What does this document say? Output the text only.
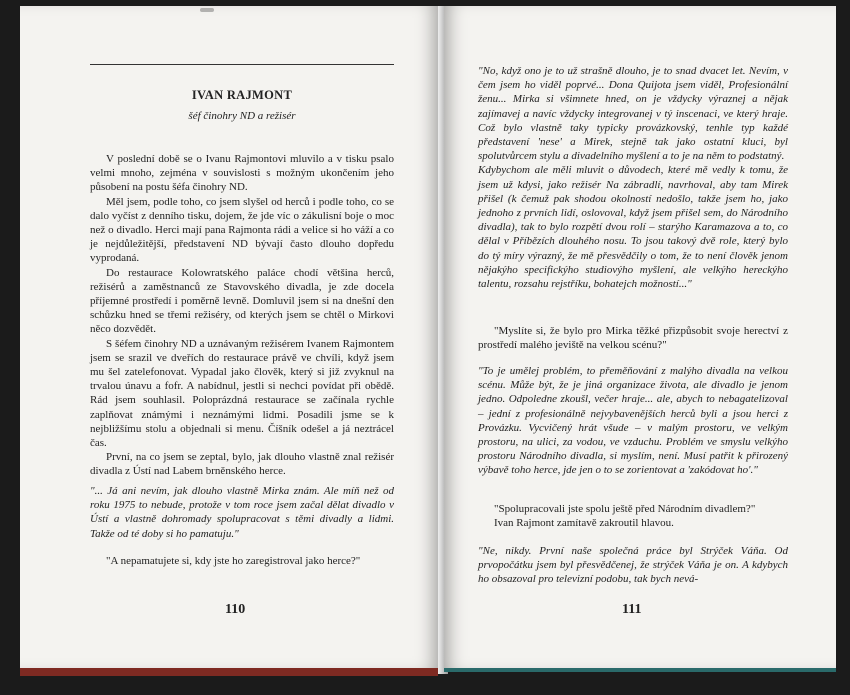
IVAN RAJMONT
šéf činohry ND a režisér

V poslední době se o Ivanu Rajmontovi mluvilo a v tisku psalo velmi mnoho, zejména v souvislosti s možným ukončením jeho působení na postu šéfa činohry ND.

Měl jsem, podle toho, co jsem slyšel od herců i podle toho, co se dalo vyčíst z denního tisku, dojem, že jde víc o zákulisní boje o moc než o divadlo. Herci mají pana Rajmonta rádi a velice si ho váží a co je nejdůležitější, představení ND bývají často dlouho dopředu vyprodaná.

Do restaurace Kolowratského paláce chodí většina herců, režisérů a zaměstnanců ze Stavovského divadla, je zde docela příjemné prostředí i poměrně levně. Domluvil jsem si na dnešní den schůzku hned se třemi režiséry, od kterých jsem se chtěl o Mirkovi něco dozvědět.

S šéfem činohry ND a uznávaným režisérem Ivanem Rajmontem jsem se srazil ve dveřích do restaurace právě ve chvíli, když jsem mu šel zatelefonovat. Vypadal jako člověk, který si již zvyknul na trvalou únavu a fofr. A nabídnul, jestli si nechci povídat při obědě. Rád jsem souhlasil. Poloprázdná restaurace se začínala rychle zaplňovat známými i neznámými lidmi. Posadili jsme se k nejbližšímu stolu a objednali si menu. Číšník odešel a já neztrácel čas.

První, na co jsem se zeptal, bylo, jak dlouho vlastně znal režisér divadla z Ústí nad Labem brněnského herce.

"... Já ani nevím, jak dlouho vlastně Mirka znám. Ale míň než od roku 1975 to nebude, protože v tom roce jsem začal dělat divadlo v Ústí a vlastně dohromady spolupracovat s těmi divadly a lidmi. Takže od té doby si ho pamatuju."
"A nepamatujete si, kdy jste ho zaregistroval jako herce?"
110

"No, když ono je to už strašně dlouho, je to snad dvacet let. Nevím, v čem jsem ho viděl poprvé... Dona Quijota jsem viděl, Profesionální ženu... Mirka si všimnete hned, on je vždycky výraznej a nějak zajímavej a navíc vždycky integrovanej v tý inscenaci, ve který hraje. Což bylo vlastně taky typicky provázkovský, tenhle typ každé představení 'nese' a Mirek, stejně tak jako ostatní kluci, byl spolutvůrcem stylu a divadelního myšlení a to je na něm to podstatný.

Kdybychom ale měli mluvit o důvodech, které mě vedly k tomu, že jsem už kdysi, jako režisér Na zábradlí, navrhoval, aby tam Mirek přišel (k čemuž pak shodou okolností nedošlo, takže jsem ho, jako jednoho z prvních lidí, oslovoval, když jsem přišel sem, do Národního divadla), tak to bylo rozpětí dvou rolí – starýho Karamazova a to, co dělal v Příbězích dlouhého nosu. To jsou takový dvě role, který bylo do tý míry výrazný, že mě přesvědčily o tom, že to není člověk jenom nějakýho specifickýho studiovýho myšlení, ale velkýho hereckýho talentu, rozsahu rejstříku, bohatejch možností..."

"Myslíte si, že bylo pro Mirka těžké přizpůsobit svoje herectví z prostředí malého jeviště na velkou scénu?"
"To je umělej problém, to přeměňování z malýho divadla na velkou scénu. Může být, že je jiná organizace života, ale divadlo je jenom jedno. Odpoledne zkoušl, večer hraje... ale, abych to nebagatelizoval – jední z profesionálně nejvybavenějších herců byli a jsou herci z Provázku. Vycvičený hrát všude – v malým prostoru, ve velkým prostoru, na ulici, za vodou, ve vzduchu. Problém ve smyslu velkýho prostoru Národního divadla, si myslím, není. Musí patřit k přirozený výbavě toho herce, jde jen o to se zorientovat a 'zakódovat ho'."

"Spolupracovali jste spolu ještě před Národním divadlem?"

Ivan Rajmont zamítavě zakroutil hlavou.

"Ne, nikdy. První naše společná práce byl Strýček Váňa. Od prvopočátku jsem byl přesvědčenej, že strýček Váňa je on. A kdybych ho obsazoval pro televizní podobu, tak bych nevá-
111
